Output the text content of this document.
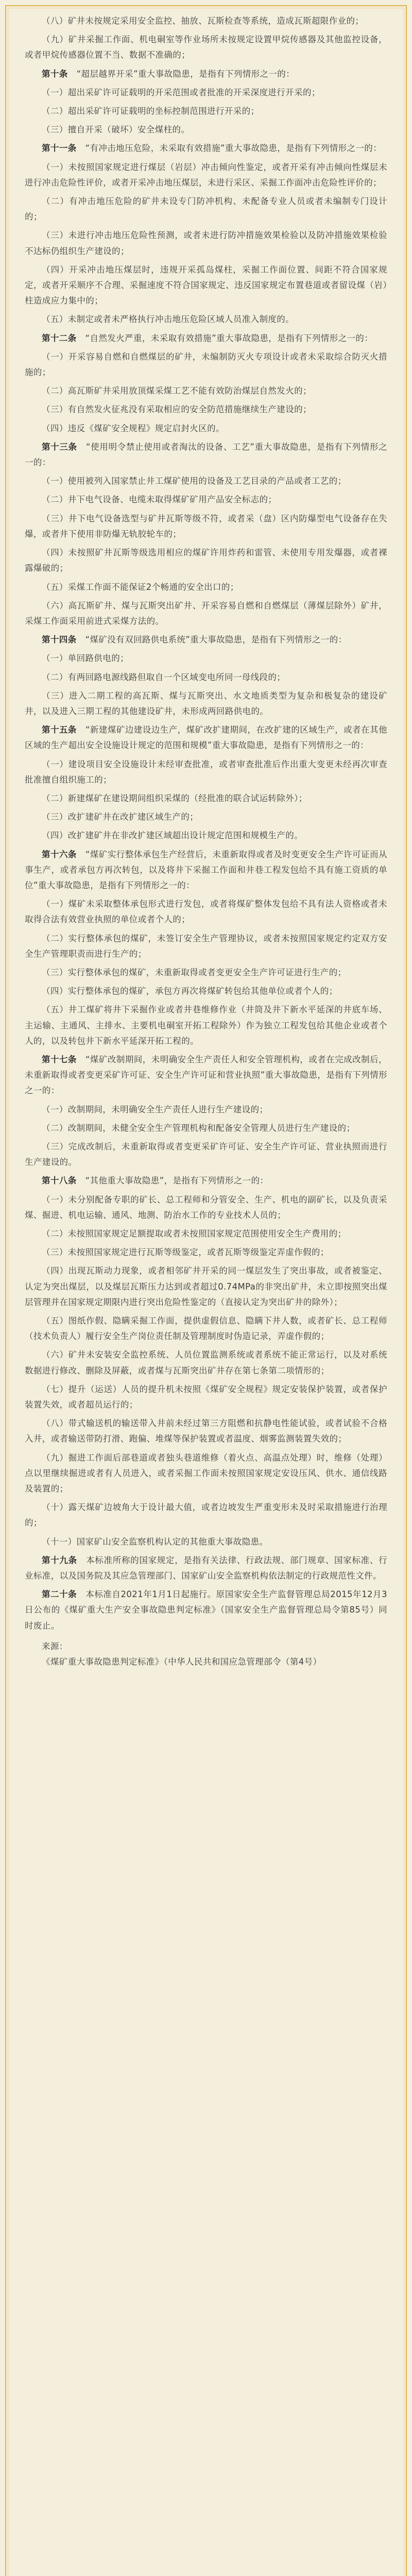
（八）矿井未按规定采用安全监控、抽放、瓦斯检查等系统，造成瓦斯超限作业的；

（九）矿井采掘工作面、机电硐室等作业场所未按规定设置甲烷传感器及其他监控设备，或者甲烷传感器位置不当、数据不准确的；

第十条　 “超层越界开采”重大事故隐患，是指有下列情形之一的：

（一）超出采矿许可证载明的开采范围或者批准的开采深度进行开采的；

（二）超出采矿许可证载明的坐标控制范围进行开采的；

（三）擅自开采（破坏）安全煤柱的。

第十一条　 “有冲击地压危险，未采取有效措施”重大事故隐患，是指有下列情形之一的：

（一）未按照国家规定进行煤层（岩层）冲击倾向性鉴定，或者开采有冲击倾向性煤层未进行冲击危险性评价，或者开采冲击地压煤层，未进行采区、采掘工作面冲击危险性评价的；

（二）有冲击地压危险的矿井未设专门防冲机构、未配备专业人员或者未编制专门设计的；

（三）未进行冲击地压危险性预测，或者未进行防冲措施效果检验以及防冲措施效果检验不达标仍组织生产建设的；

（四）开采冲击地压煤层时，违规开采孤岛煤柱，采掘工作面位置、间距不符合国家规定，或者开采顺序不合理、采掘速度不符合国家规定、违反国家规定布置巷道或者留设煤（岩）柱造成应力集中的；

（五）未制定或者未严格执行冲击地压危险区域人员准入制度的。

第十二条　 “自然发火严重，未采取有效措施”重大事故隐患，是指有下列情形之一的：

（一）开采容易自燃和自燃煤层的矿井，未编制防灭火专项设计或者未采取综合防灭火措施的；

（二）高瓦斯矿井采用放顶煤采煤工艺不能有效防治煤层自然发火的；

（三）有自然发火征兆没有采取相应的安全防范措施继续生产建设的；

（四）违反《煤矿安全规程》规定启封火区的。

第十三条　 “使用明令禁止使用或者淘汰的设备、工艺”重大事故隐患，是指有下列情形之一的：

（一）使用被列入国家禁止井工煤矿使用的设备及工艺目录的产品或者工艺的；

（二）井下电气设备、电缆未取得煤矿矿用产品安全标志的；

（三）井下电气设备选型与矿井瓦斯等级不符，或者采（盘）区内防爆型电气设备存在失爆，或者井下使用非防爆无轨胶轮车的；

（四）未按照矿井瓦斯等级选用相应的煤矿许用炸药和雷管、未使用专用发爆器，或者裸露爆破的；

（五）采煤工作面不能保证2个畅通的安全出口的；

（六）高瓦斯矿井、煤与瓦斯突出矿井、开采容易自燃和自燃煤层（薄煤层除外）矿井，采煤工作面采用前进式采煤方法的。

第十四条　 “煤矿没有双回路供电系统”重大事故隐患，是指有下列情形之一的：

（一）单回路供电的；

（二）有两回路电源线路但取自一个区域变电所同一母线段的；

（三）进入二期工程的高瓦斯、煤与瓦斯突出、水文地质类型为复杂和极复杂的建设矿井，以及进入三期工程的其他建设矿井，未形成两回路供电的。

第十五条　 “新建煤矿边建设边生产，煤矿改扩建期间，在改扩建的区域生产，或者在其他区域的生产超出安全设施设计规定的范围和规模”重大事故隐患，是指有下列情形之一的：

（一）建设项目安全设施设计未经审查批准，或者审查批准后作出重大变更未经再次审查批准擅自组织施工的；

（二）新建煤矿在建设期间组织采煤的（经批准的联合试运转除外）；

（三）改扩建矿井在改扩建区域生产的；

（四）改扩建矿井在非改扩建区域超出设计规定范围和规模生产的。

第十六条　 “煤矿实行整体承包生产经营后，未重新取得或者及时变更安全生产许可证而从事生产，或者承包方再次转包，以及将井下采掘工作面和井巷工程发包给不具有施工资质的单位”重大事故隐患，是指有下列情形之一的：

（一）煤矿未采取整体承包形式进行发包，或者将煤矿整体发包给不具有法人资格或者未取得合法有效营业执照的单位或者个人的；

（二）实行整体承包的煤矿，未签订安全生产管理协议，或者未按照国家规定约定双方安全生产管理职责而进行生产的；

（三）实行整体承包的煤矿，未重新取得或者变更安全生产许可证进行生产的；

（四）实行整体承包的煤矿，承包方再次将煤矿转包给其他单位或者个人的；

（五）井工煤矿将井下采掘作业或者井巷维修作业（井筒及井下新水平延深的井底车场、主运输、主通风、主排水、主要机电硐室开拓工程除外）作为独立工程发包给其他企业或者个人的，以及转包井下新水平延深开拓工程的。

第十七条　 “煤矿改制期间，未明确安全生产责任人和安全管理机构，或者在完成改制后，未重新取得或者变更采矿许可证、安全生产许可证和营业执照”重大事故隐患，是指有下列情形之一的：

（一）改制期间，未明确安全生产责任人进行生产建设的；

（二）改制期间，未健全安全生产管理机构和配备安全管理人员进行生产建设的；

（三）完成改制后，未重新取得或者变更采矿许可证、安全生产许可证、营业执照而进行生产建设的。

第十八条　 “其他重大事故隐患”，是指有下列情形之一的：

（一）未分别配备专职的矿长、总工程师和分管安全、生产、机电的副矿长，以及负责采煤、掘进、机电运输、通风、地测、防治水工作的专业技术人员的；

（二）未按照国家规定足额提取或者未按照国家规定范围使用安全生产费用的；

（三）未按照国家规定进行瓦斯等级鉴定，或者瓦斯等级鉴定弄虚作假的；

（四）出现瓦斯动力现象，或者相邻矿井开采的同一煤层发生了突出事故，或者被鉴定、认定为突出煤层，以及煤层瓦斯压力达到或者超过0.74MPa的非突出矿井，未立即按照突出煤层管理并在国家规定期限内进行突出危险性鉴定的（直接认定为突出矿井的除外）；

（五）图纸作假、隐瞒采掘工作面，提供虚假信息、隐瞒下井人数，或者矿长、总工程师（技术负责人）履行安全生产岗位责任制及管理制度时伪造记录，弄虚作假的；

（六）矿井未安装安全监控系统、人员位置监测系统或者系统不能正常运行，以及对系统数据进行修改、删除及屏蔽，或者煤与瓦斯突出矿井存在第七条第二项情形的；

（七）提升（运送）人员的提升机未按照《煤矿安全规程》规定安装保护装置，或者保护装置失效，或者超员运行的；

（八）带式输送机的输送带入井前未经过第三方阻燃和抗静电性能试验，或者试验不合格入井，或者输送带防打滑、跑偏、堆煤等保护装置或者温度、烟雾监测装置失效的；

（九）掘进工作面后部巷道或者独头巷道维修（着火点、高温点处理）时，维修（处理）点以里继续掘进或者有人员进入，或者采掘工作面未按照国家规定安设压风、供水、通信线路及装置的；

（十）露天煤矿边坡角大于设计最大值，或者边坡发生严重变形未及时采取措施进行治理的；

（十一）国家矿山安全监察机构认定的其他重大事故隐患。

第十九条　 本标准所称的国家规定，是指有关法律、行政法规、部门规章、国家标准、行业标准，以及国务院及其应急管理部门、国家矿山安全监察机构依法制定的行政规范性文件。

第二十条　 本标准自2021年1月1日起施行。原国家安全生产监督管理总局2015年12月3日公布的《煤矿重大生产安全事故隐患判定标准》（国家安全生产监督管理总局令第85号）同时废止。

来源：
《煤矿重大事故隐患判定标准》（中华人民共和国应急管理部令（第4号）
